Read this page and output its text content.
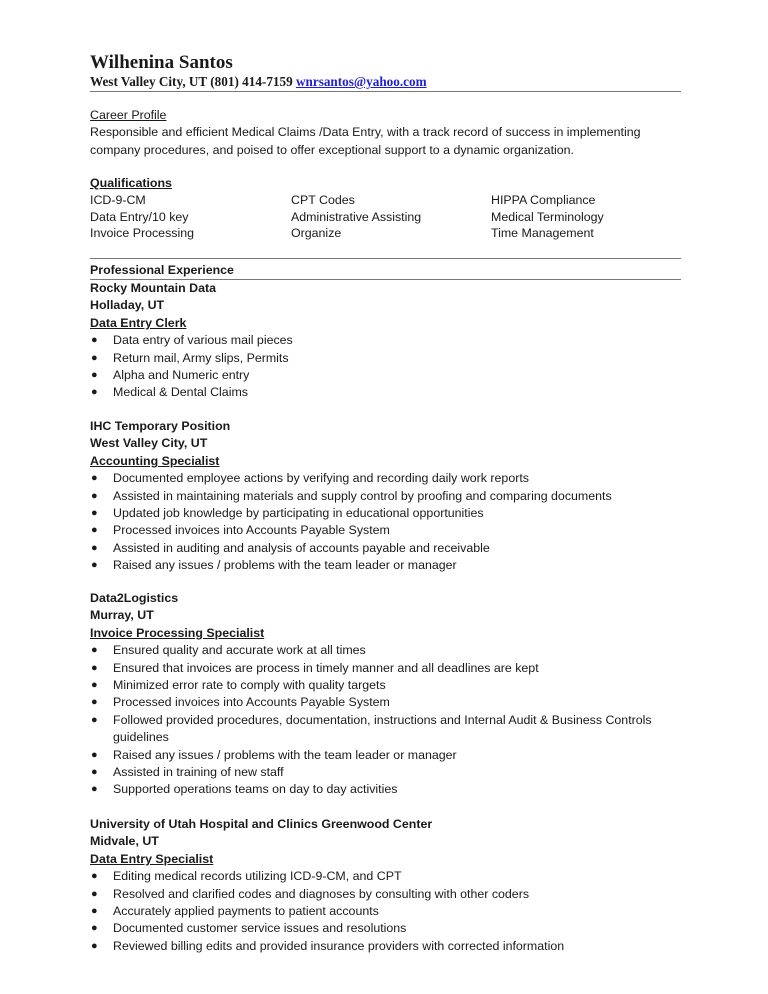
Wilhenina Santos
West Valley City, UT (801) 414-7159 wnrsantos@yahoo.com
Career Profile
Responsible and efficient Medical Claims /Data Entry, with a track record of success in implementing
company procedures, and poised to offer exceptional support to a dynamic organization.
Qualifications
ICD-9-CM	CPT Codes	HIPPA Compliance
Data Entry/10 key	Administrative Assisting	Medical Terminology
Invoice Processing	Organize	Time Management
Professional Experience
Rocky Mountain Data
Holladay, UT
Data Entry Clerk
● Data entry of various mail pieces
● Return mail, Army slips, Permits
● Alpha and Numeric entry
● Medical & Dental Claims
IHC Temporary Position
West Valley City, UT
Accounting Specialist
● Documented employee actions by verifying and recording daily work reports
● Assisted in maintaining materials and supply control by proofing and comparing documents
● Updated job knowledge by participating in educational opportunities
● Processed invoices into Accounts Payable System
● Assisted in auditing and analysis of accounts payable and receivable
● Raised any issues / problems with the team leader or manager
Data2Logistics
Murray, UT
Invoice Processing Specialist
● Ensured quality and accurate work at all times
● Ensured that invoices are process in timely manner and all deadlines are kept
● Minimized error rate to comply with quality targets
● Processed invoices into Accounts Payable System
● Followed provided procedures, documentation, instructions and Internal Audit & Business Controls guidelines
● Raised any issues / problems with the team leader or manager
● Assisted in training of new staff
● Supported operations teams on day to day activities
University of Utah Hospital and Clinics Greenwood Center
Midvale, UT
Data Entry Specialist
● Editing medical records utilizing ICD-9-CM, and CPT
● Resolved and clarified codes and diagnoses by consulting with other coders
● Accurately applied payments to patient accounts
● Documented customer service issues and resolutions
● Reviewed billing edits and provided insurance providers with corrected information
